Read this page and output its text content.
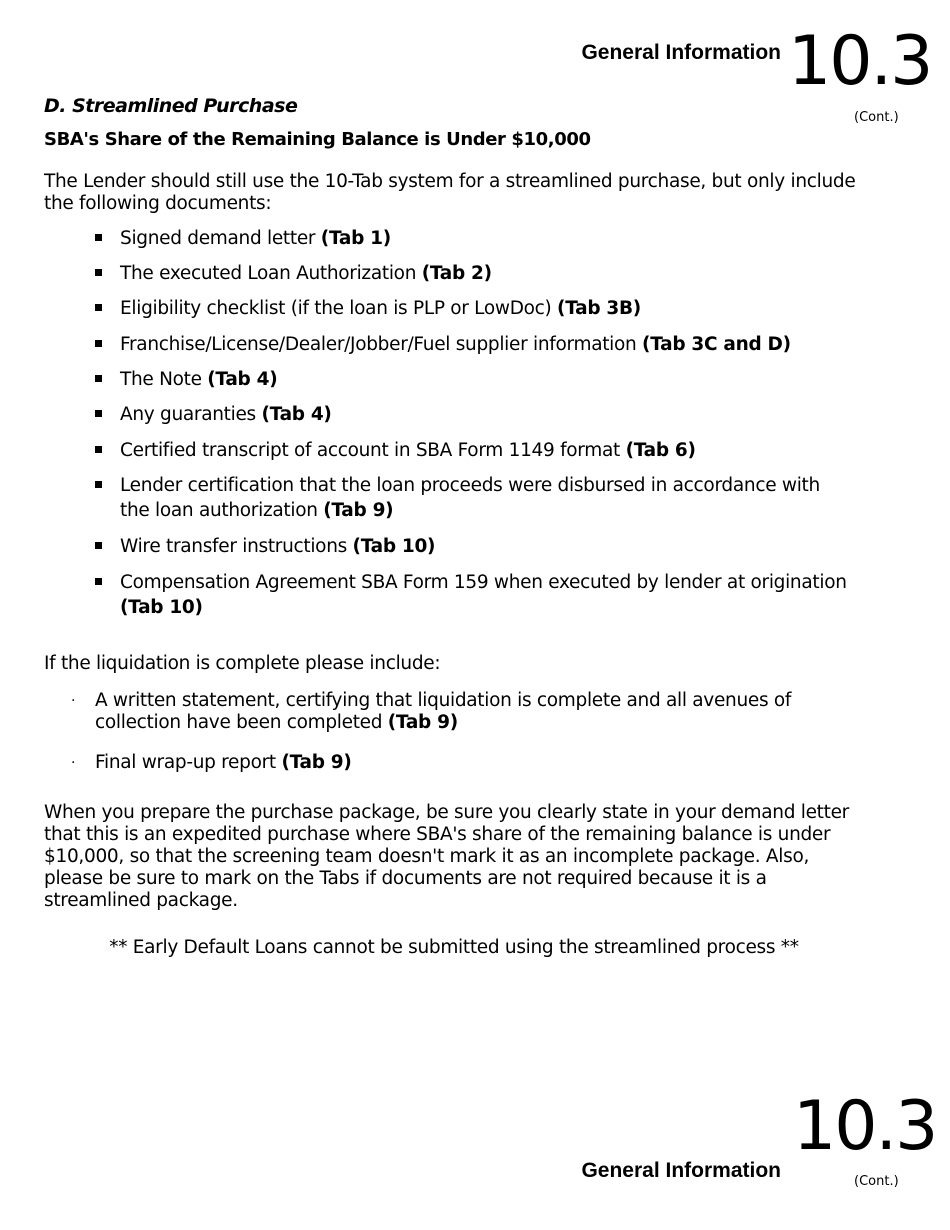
General Information 10.3
(Cont.)
D. Streamlined Purchase
SBA's Share of the Remaining Balance is Under $10,000

The Lender should still use the 10-Tab system for a streamlined purchase, but only include the following documents:

Signed demand letter (Tab 1)
The executed Loan Authorization (Tab 2)
Eligibility checklist (if the loan is PLP or LowDoc) (Tab 3B)
Franchise/License/Dealer/Jobber/Fuel supplier information (Tab 3C and D)
The Note (Tab 4)
Any guaranties (Tab 4)
Certified transcript of account in SBA Form 1149 format (Tab 6)
Lender certification that the loan proceeds were disbursed in accordance with the loan authorization (Tab 9)
Wire transfer instructions (Tab 10)
Compensation Agreement SBA Form 159 when executed by lender at origination (Tab 10)

If the liquidation is complete please include:

· A written statement, certifying that liquidation is complete and all avenues of collection have been completed (Tab 9)
· Final wrap-up report (Tab 9)

When you prepare the purchase package, be sure you clearly state in your demand letter that this is an expedited purchase where SBA's share of the remaining balance is under $10,000, so that the screening team doesn't mark it as an incomplete package. Also, please be sure to mark on the Tabs if documents are not required because it is a streamlined package.

** Early Default Loans cannot be submitted using the streamlined process **
10.3
General Information	(Cont.)
